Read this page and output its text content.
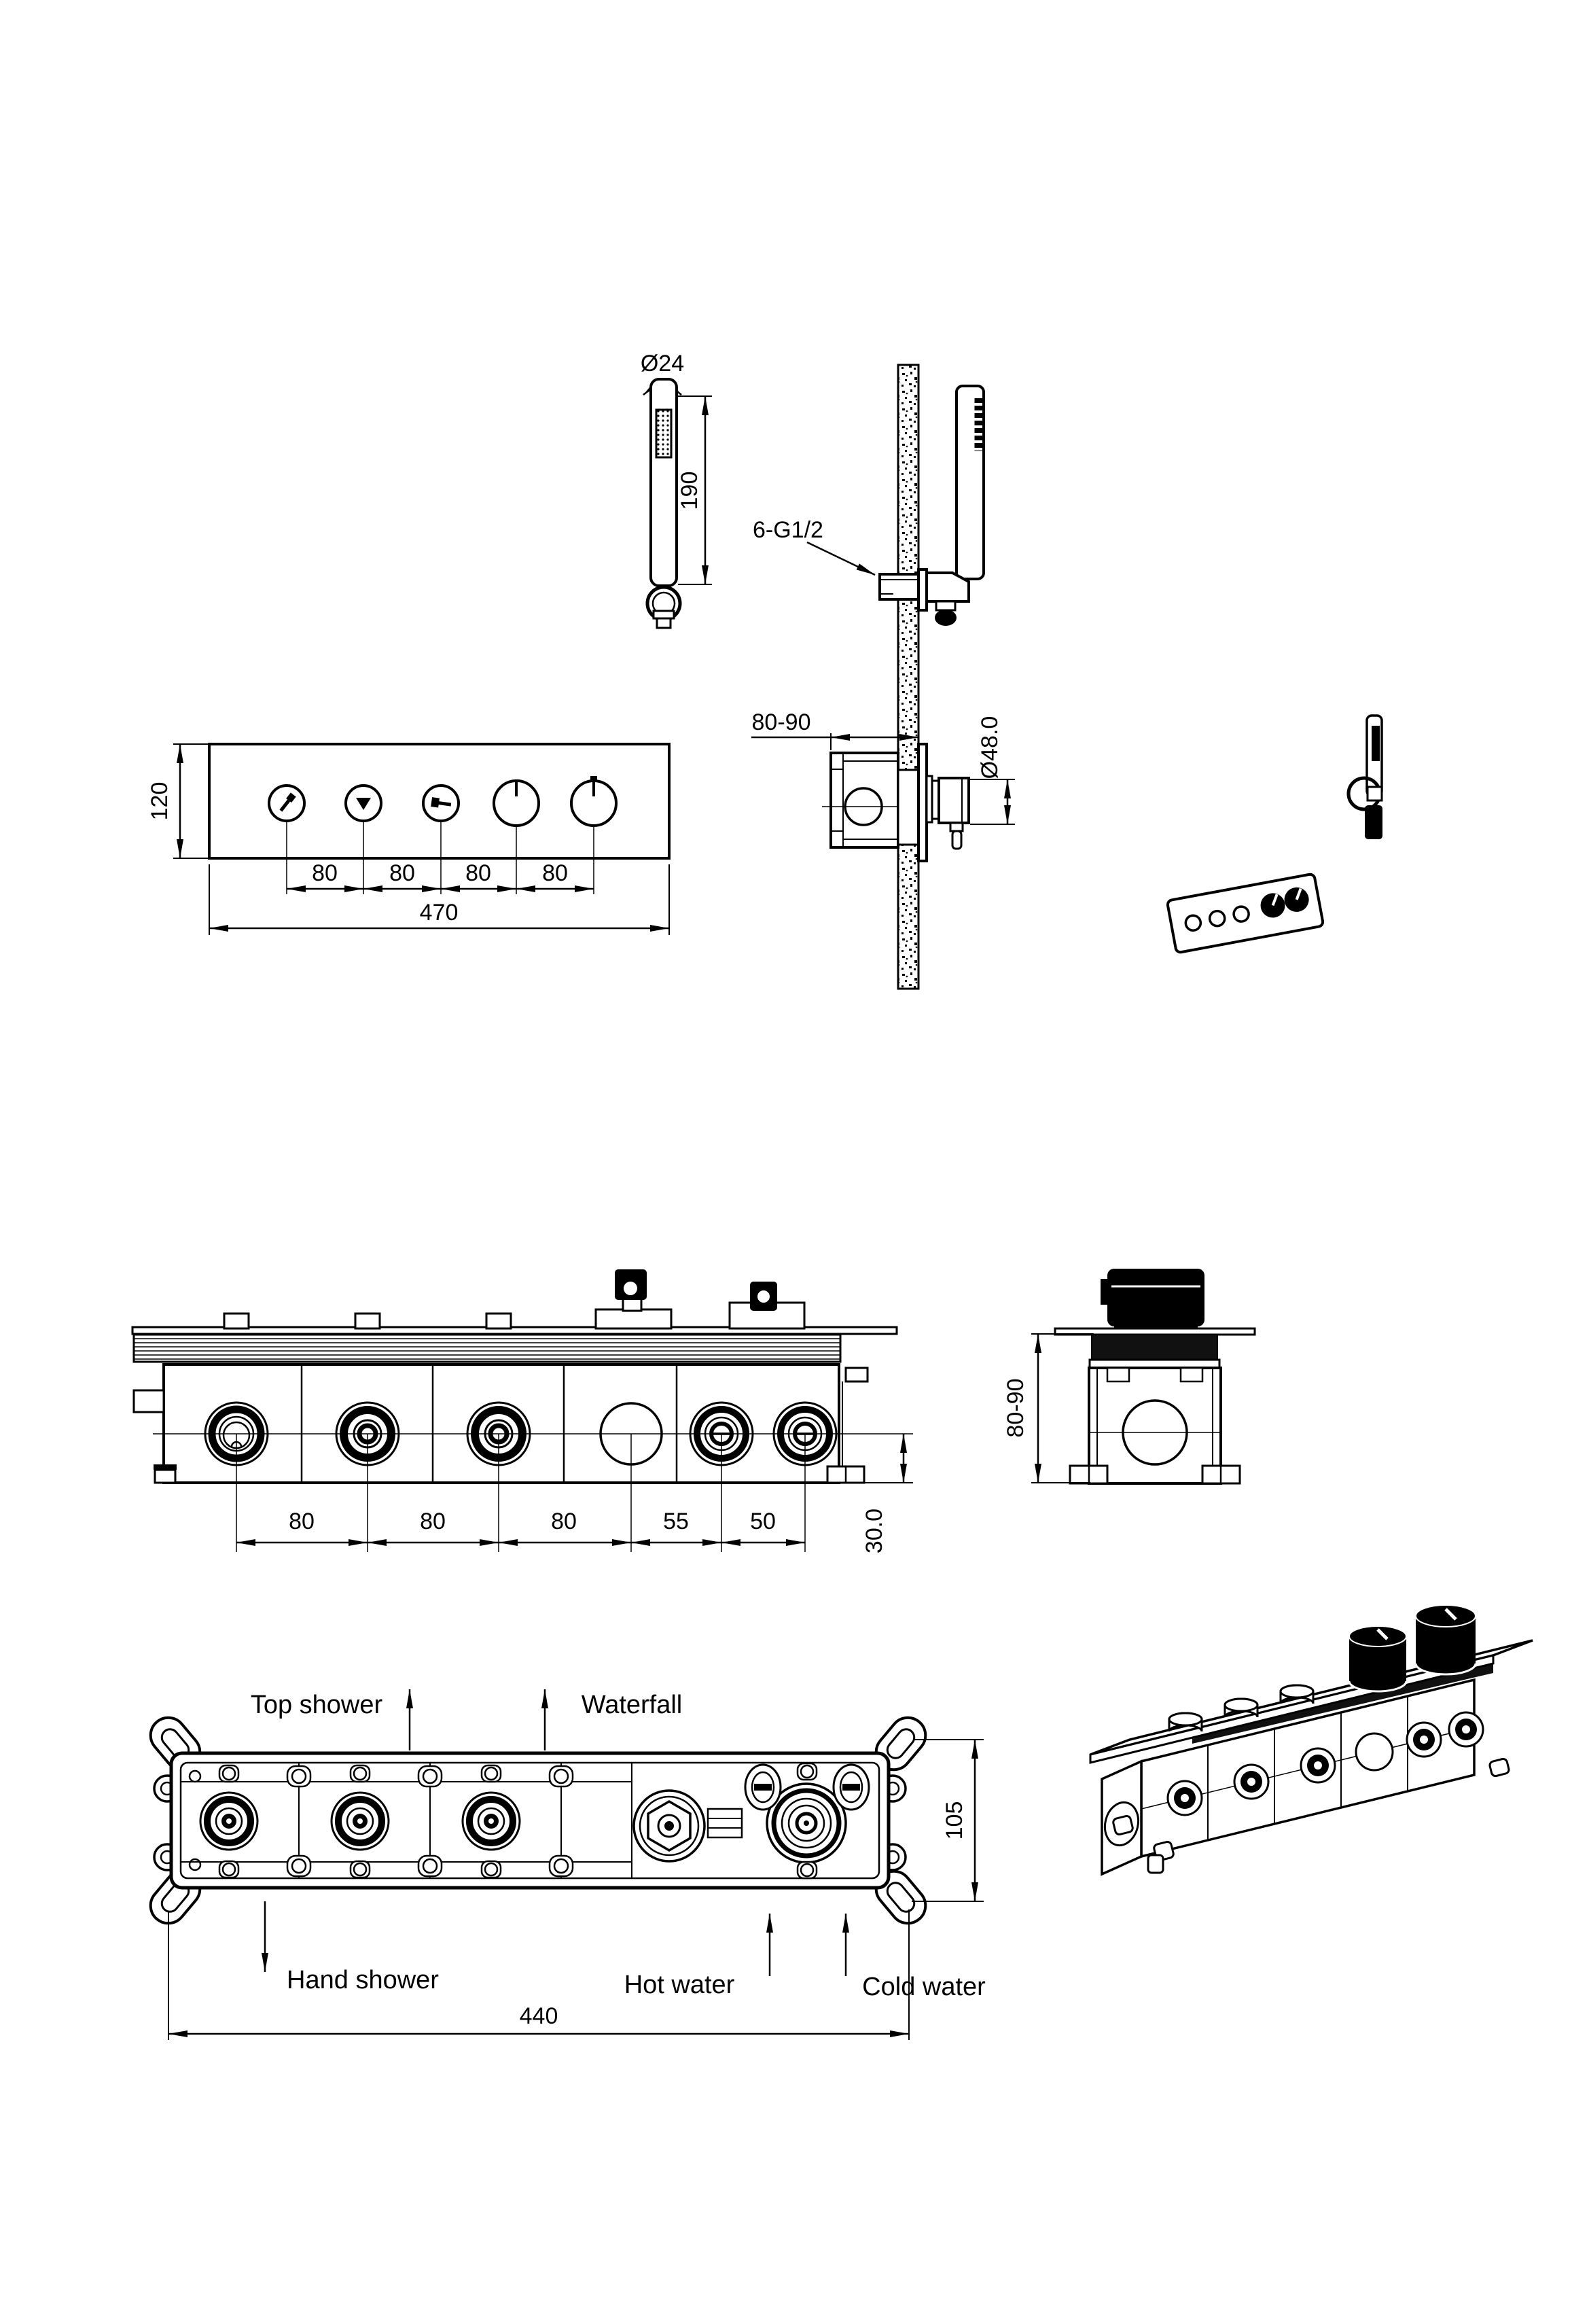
Ø24
190
6-G1/2
80-90	Ø48.0
120
80 80 80 80
470
80	80	80	55	50	30.0
80-90
Top shower	Waterfall
Hand shower	Hot water	Cold water
105
440
